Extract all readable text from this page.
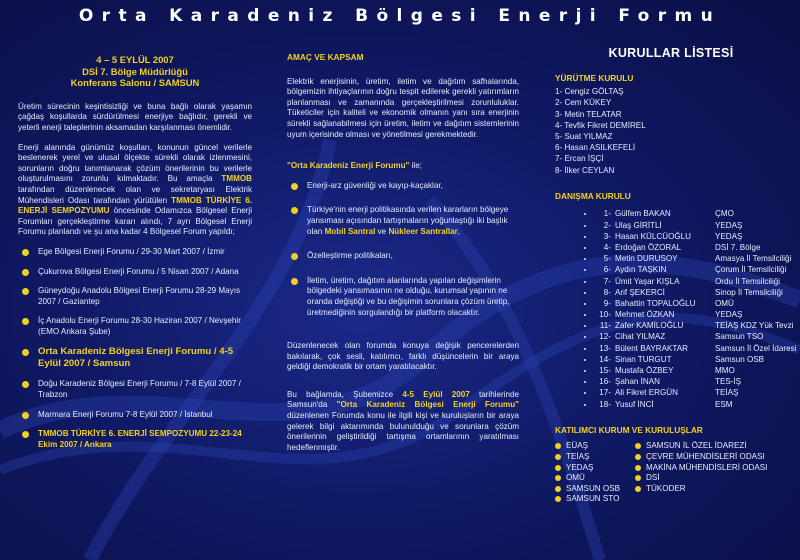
Orta Karadeniz Bölgesi Enerji Formu
4 – 5 EYLÜL 2007
DSİ 7. Bölge Müdürlüğü
Konferans Salonu / SAMSUN

Üretim sürecinin keşintisizliği ve buna bağlı olarak yaşamın çağdaş koşullarda sürdürülmesi enerjiye bağlıdır, gerekli ve yeterli enerji taleplerinin aksamadan karşılanması önemlidir.

Enerji alanında günümüz koşulları, konunun güncel verilerle beslenerek yerel ve ulusal ölçekte sürekli olarak izlenmesini, sorunların doğru tanımlanarak çözüm önerilerinin bu verilerle oluşturulmasını zorunlu kılmaktadır. Bu amaçla TMMOB tarafından düzenlenecek olan ve sekretaryası Elektrik Mühendisleri Odası tarafından yürütülen TMMOB TÜRKİYE 6. ENERJİ SEMPOZYUMU öncesinde Odamızca Bölgesel Enerji Forumları gerçekleştirme kararı alındı, 7 ayrı Bölgesel Enerji Forumu planlandı ve şu ana kadar 4 Bölgesel Forum yapıldı;

Ege Bölgesi Enerji Forumu / 29-30 Mart 2007 / İzmir
Çukurova Bölgesi Enerji Forumu / 5 Nisan 2007 / Adana
Güneydoğu Anadolu Bölgesi Enerji Forumu 28-29 Mayıs 2007 / Gaziantep
İç Anadolu Enerji Forumu 28-30 Haziran 2007 / Nevşehir (EMO Ankara Şube)
Orta Karadeniz Bölgesi Enerji Forumu / 4-5 Eylül 2007 / Samsun
Doğu Karadeniz Bölgesi Enerji Forumu / 7-8 Eylül 2007 / Trabzon
Marmara Enerji Forumu 7-8 Eylül 2007 / İstanbul
TMMOB TÜRKİYE 6. ENERJİ SEMPOZYUMU 22-23-24 Ekim 2007 / Ankara
AMAÇ VE KAPSAM

Elektrik enerjisinin, üretim, iletim ve dağıtım safhalarında, bölgemizin ihtiyaçlarının doğru tespit edilerek gerekli yatırımların planlanması ve zamanında gerçekleştirilmesi zorunluluklar. Tüketiciler için kaliteli ve ekonomik olmanın yanı sıra enerjinin sürekli sağlanabilmesi için üretim, iletim ve dağıtım sistemlerinin uyum içerisinde olması ve yönetilmesi gerekmektedir.

"Orta Karadeniz Enerji Forumu" ile;

Enerji-arz güvenliği ve kayıp-kaçaklar,
Türkiye'nin enerji politikasında verilen kararların bölgeye yansıması açısından tartışmaların yoğunlaştığı iki başlık olan Mobil Santral ve Nükleer Santrallar,
Özelleştirme politikaları,
İletim, üretim, dağıtım alanlarında yapılan değişimlerin bölgedeki yansımasının ne olduğu, kurumsal yapının ne oranda değiştiği ve bu değişimin sorunlara çözüm üretip, üretmediğinin sorgulandığı bir platform olacaktır.

Düzenlenecek olan forumda konuya değişik pencerelerden bakılarak, çok sesli, katılımcı, farklı düşüncelerin bir araya geldiği demokratik bir ortam yaratılacaktır.

Bu bağlamda, Şubemizce 4-5 Eylül 2007 tarihlerinde Samsun'da "Orta Karadeniz Bölgesi Enerji Forumu" düzenlenen Forumda konu ile ilgili kişi ve kuruluşların bir araya gelerek bilgi aktarımında bulunulduğu ve sorunlara çözüm önerilerinin geliştirildiği tartışma ortamlarının yaratılması hedeflenmiştir.

KURULLAR LİSTESİ
YÜRÜTME KURULU
1- Cengiz GÖLTAŞ
2- Cem KÜKEY
3- Metin TELATAR
4- Tevfik Fikret DEMİREL
5- Suat YILMAZ
6- Hasan ASILKEFELİ
7- Ercan İŞÇİ
8- İlker CEYLAN
DANIŞMA KURULU
• 1- Gülfem BAKAN	ÇMO
• 2- Ulaş GİRİTLİ	YEDAŞ
• 3- Hasan KÜLCÜOĞLU	YEDAŞ
• 4- Erdoğan ÖZORAL	DSİ 7. Bölge
• 5- Metin DURUSOY	Amasya İl Temsilciliği
• 6- Aydın TAŞKIN	Çorum İl Temsilciliği
• 7- Ümit Yaşar KIŞLA	Ordu İl Temsilciliği
• 8- Arif ŞEKERCİ	Sinop İl Temsilciliği
• 9- Bahattin TOPALOĞLU OMÜ
• 10- Mehmet ÖZKAN	YEDAŞ
• 11- Zafer KAMİLOĞLU	TEİAŞ KDZ Yük Tevzi
• 12- Cihat YILMAZ	Samsun TSO
• 13- Bülent BAYRAKTAR	Samsun İl Özel İdaresi
• 14- Sinan TURGUT	Samsun OSB
• 15- Mustafa ÖZBEY	MMO
• 16- Şahan İNAN	TES-İŞ
• 17- Ali Fikret ERGÜN	TEİAŞ
• 18- Yusuf İNCİ	ESM
KATILIMCI KURUM VE KURULUŞLAR
EÜAŞ
TEİAŞ
YEDAŞ
OMÜ
SAMSUN OSB
SAMSUN STO
SAMSUN İL ÖZEL İDAREZİ
ÇEVRE MÜHENDİSLERİ ODASI
MAKİNA MÜHENDİSLERİ ODASI
DSİ
TÜKODER
